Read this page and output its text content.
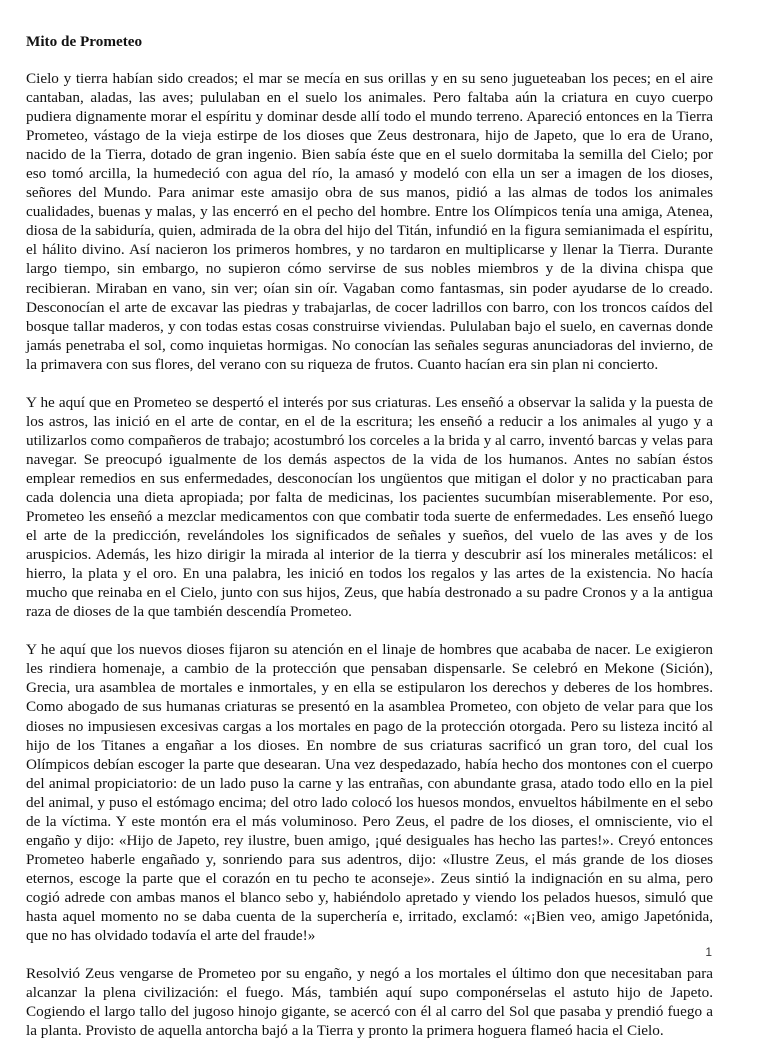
Mito de Prometeo

Cielo y tierra habían sido creados; el mar se mecía en sus orillas y en su seno jugueteaban los peces; en el aire cantaban, aladas, las aves; pululaban en el suelo los animales. Pero faltaba aún la criatura en cuyo cuerpo pudiera dignamente morar el espíritu y dominar desde allí todo el mundo terreno. Apareció entonces en la Tierra Prometeo, vástago de la vieja estirpe de los dioses que Zeus destronara, hijo de Japeto, que lo era de Urano, nacido de la Tierra, dotado de gran ingenio. Bien sabía éste que en el suelo dormitaba la semilla del Cielo; por eso tomó arcilla, la humedeció con agua del río, la amasó y modeló con ella un ser a imagen de los dioses, señores del Mundo. Para animar este amasijo obra de sus manos, pidió a las almas de todos los animales cualidades, buenas y malas, y las encerró en el pecho del hombre. Entre los Olímpicos tenía una amiga, Atenea, diosa de la sabiduría, quien, admirada de la obra del hijo del Titán, infundió en la figura semianimada el espíritu, el hálito divino. Así nacieron los primeros hombres, y no tardaron en multiplicarse y llenar la Tierra. Durante largo tiempo, sin embargo, no supieron cómo servirse de sus nobles miembros y de la divina chispa que recibieran. Miraban en vano, sin ver; oían sin oír. Vagaban como fantasmas, sin poder ayudarse de lo creado. Desconocían el arte de excavar las piedras y trabajarlas, de cocer ladrillos con barro, con los troncos caídos del bosque tallar maderos, y con todas estas cosas construirse viviendas. Pululaban bajo el suelo, en cavernas donde jamás penetraba el sol, como inquietas hormigas. No conocían las señales seguras anunciadoras del invierno, de la primavera con sus flores, del verano con su riqueza de frutos. Cuanto hacían era sin plan ni concierto.

Y he aquí que en Prometeo se despertó el interés por sus criaturas. Les enseñó a observar la salida y la puesta de los astros, las inició en el arte de contar, en el de la escritura; les enseñó a reducir a los animales al yugo y a utilizarlos como compañeros de trabajo; acostumbró los corceles a la brida y al carro, inventó barcas y velas para navegar. Se preocupó igualmente de los demás aspectos de la vida de los humanos. Antes no sabían éstos emplear remedios en sus enfermedades, desconocían los ungüentos que mitigan el dolor y no practicaban para cada dolencia una dieta apropiada; por falta de medicinas, los pacientes sucumbían miserablemente. Por eso, Prometeo les enseñó a mezclar medicamentos con que combatir toda suerte de enfermedades. Les enseñó luego el arte de la predicción, revelándoles los significados de señales y sueños, del vuelo de las aves y de los aruspicios. Además, les hizo dirigir la mirada al interior de la tierra y descubrir así los minerales metálicos: el hierro, la plata y el oro. En una palabra, les inició en todos los regalos y las artes de la existencia. No hacía mucho que reinaba en el Cielo, junto con sus hijos, Zeus, que había destronado a su padre Cronos y a la antigua raza de dioses de la que también descendía Prometeo.

Y he aquí que los nuevos dioses fijaron su atención en el linaje de hombres que acababa de nacer. Le exigieron les rindiera homenaje, a cambio de la protección que pensaban dispensarle. Se celebró en Mekone (Sición), Grecia, ura asamblea de mortales e inmortales, y en ella se estipularon los derechos y deberes de los hombres. Como abogado de sus humanas criaturas se presentó en la asamblea Prometeo, con objeto de velar para que los dioses no impusiesen excesivas cargas a los mortales en pago de la protección otorgada. Pero su listeza incitó al hijo de los Titanes a engañar a los dioses. En nombre de sus criaturas sacrificó un gran toro, del cual los Olímpicos debían escoger la parte que desearan. Una vez despedazado, había hecho dos montones con el cuerpo del animal propiciatorio: de un lado puso la carne y las entrañas, con abundante grasa, atado todo ello en la piel del animal, y puso el estómago encima; del otro lado colocó los huesos mondos, envueltos hábilmente en el sebo de la víctima. Y este montón era el más voluminoso. Pero Zeus, el padre de los dioses, el omnisciente, vio el engaño y dijo: «Hijo de Japeto, rey ilustre, buen amigo, ¡qué desiguales has hecho las partes!». Creyó entonces Prometeo haberle engañado y, sonriendo para sus adentros, dijo: «Ilustre Zeus, el más grande de los dioses eternos, escoge la parte que el corazón en tu pecho te aconseje». Zeus sintió la indignación en su alma, pero cogió adrede con ambas manos el blanco sebo y, habiéndolo apretado y viendo los pelados huesos, simuló que hasta aquel momento no se daba cuenta de la superchería e, irritado, exclamó: «¡Bien veo, amigo Japetónida, que no has olvidado todavía el arte del fraude!»

Resolvió Zeus vengarse de Prometeo por su engaño, y negó a los mortales el último don que necesitaban para alcanzar la plena civilización: el fuego. Más, también aquí supo componérselas el astuto hijo de Japeto. Cogiendo el largo tallo del jugoso hinojo gigante, se acercó con él al carro del Sol que pasaba y prendió fuego a la planta. Provisto de aquella antorcha bajó a la Tierra y pronto la primera hoguera flameó hacia el Cielo.

1
